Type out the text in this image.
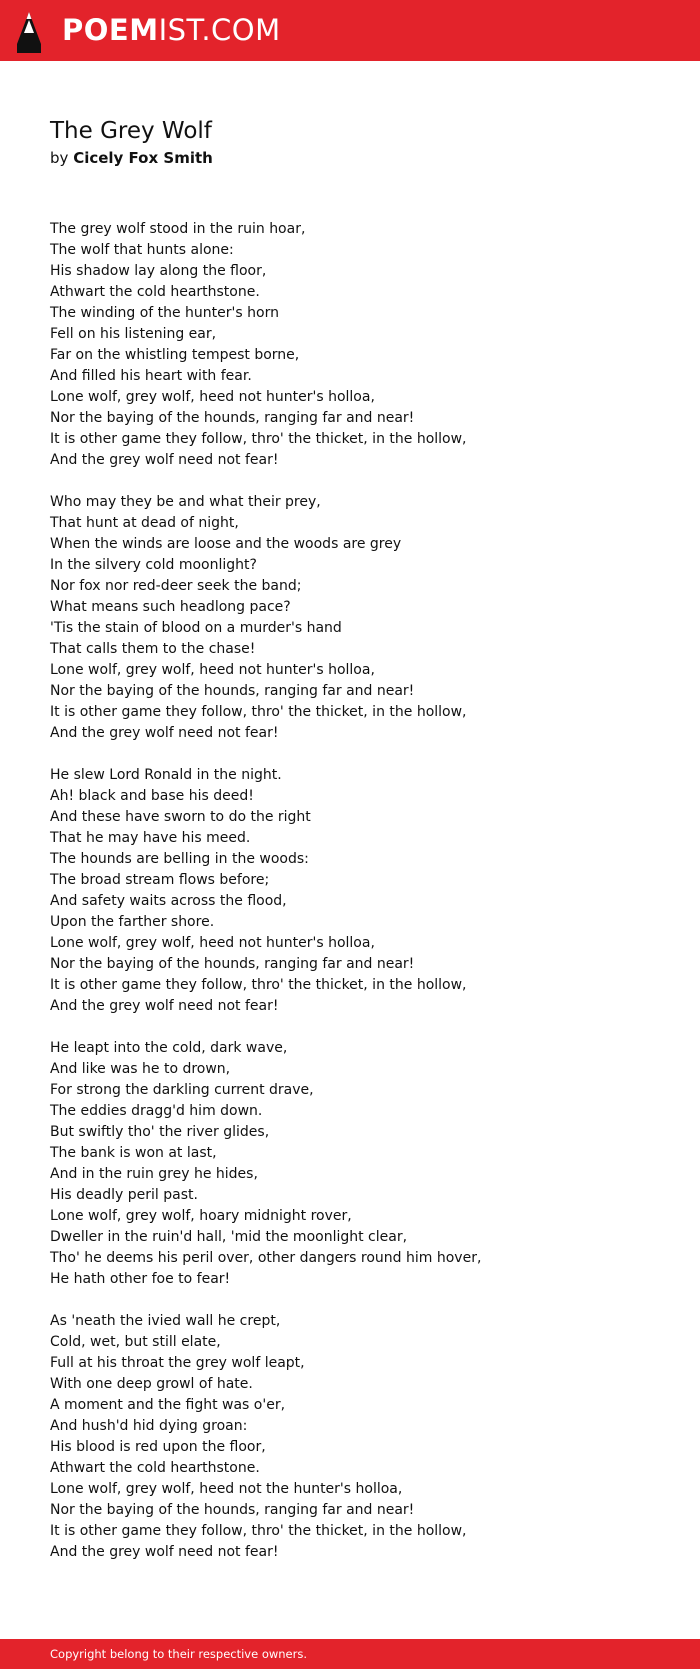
POEMIST.COM
The Grey Wolf
by Cicely Fox Smith
The grey wolf stood in the ruin hoar,
The wolf that hunts alone:
His shadow lay along the floor,
Athwart the cold hearthstone.
The winding of the hunter's horn
Fell on his listening ear,
Far on the whistling tempest borne,
And filled his heart with fear.
Lone wolf, grey wolf, heed not hunter's holloa,
Nor the baying of the hounds, ranging far and near!
It is other game they follow, thro' the thicket, in the hollow,
And the grey wolf need not fear!
Who may they be and what their prey,
That hunt at dead of night,
When the winds are loose and the woods are grey
In the silvery cold moonlight?
Nor fox nor red-deer seek the band;
What means such headlong pace?
'Tis the stain of blood on a murder's hand
That calls them to the chase!
Lone wolf, grey wolf, heed not hunter's holloa,
Nor the baying of the hounds, ranging far and near!
It is other game they follow, thro' the thicket, in the hollow,
And the grey wolf need not fear!
He slew Lord Ronald in the night.
Ah! black and base his deed!
And these have sworn to do the right
That he may have his meed.
The hounds are belling in the woods:
The broad stream flows before;
And safety waits across the flood,
Upon the farther shore.
Lone wolf, grey wolf, heed not hunter's holloa,
Nor the baying of the hounds, ranging far and near!
It is other game they follow, thro' the thicket, in the hollow,
And the grey wolf need not fear!
He leapt into the cold, dark wave,
And like was he to drown,
For strong the darkling current drave,
The eddies dragg'd him down.
But swiftly tho' the river glides,
The bank is won at last,
And in the ruin grey he hides,
His deadly peril past.
Lone wolf, grey wolf, hoary midnight rover,
Dweller in the ruin'd hall, 'mid the moonlight clear,
Tho' he deems his peril over, other dangers round him hover,
He hath other foe to fear!
As 'neath the ivied wall he crept,
Cold, wet, but still elate,
Full at his throat the grey wolf leapt,
With one deep growl of hate.
A moment and the fight was o'er,
And hush'd hid dying groan:
His blood is red upon the floor,
Athwart the cold hearthstone.
Lone wolf, grey wolf, heed not the hunter's holloa,
Nor the baying of the hounds, ranging far and near!
It is other game they follow, thro' the thicket, in the hollow,
And the grey wolf need not fear!
Copyright belong to their respective owners.
